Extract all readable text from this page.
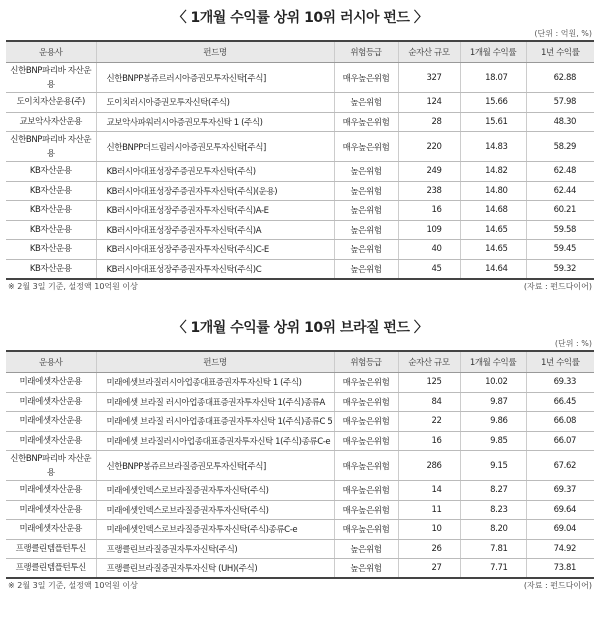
〈 1개월 수익률 상위 10위 러시아 펀드 〉
(단위 : 억원, %)
운용사	펀드명	위험등급	순자산 규모	1개월 수익률	1년 수익률
신한BNP파리바 자산운용	신한BNPP봉쥬르러시아증권모투자신탁[주식]	매우높은위험	327	18.07	62.88
도이치자산운용(주)	도이치러시아증권모투자신탁(주식)	높은위험	124	15.66	57.98
교보악사자산운용	교보악사파워러시아증권모투자신탁 1 (주식)	매우높은위험	28	15.61	48.30
신한BNP파리바 자산운용	신한BNPP더드림러시아증권모투자신탁[주식]	매우높은위험	220	14.83	58.29
KB자산운용	KB러시아대표성장주증권모투자신탁(주식)	높은위험	249	14.82	62.48
KB자산운용	KB러시아대표성장주증권자투자신탁(주식)(운용)	높은위험	238	14.80	62.44
KB자산운용	KB러시아대표성장주증권자투자신탁(주식)A-E	높은위험	16	14.68	60.21
KB자산운용	KB러시아대표성장주증권자투자신탁(주식)A	높은위험	109	14.65	59.58
KB자산운용	KB러시아대표성장주증권자투자신탁(주식)C-E	높은위험	40	14.65	59.45
KB자산운용	KB러시아대표성장주증권자투자신탁(주식)C	높은위험	45	14.64	59.32
※ 2월 3일 기준, 설정액 10억원 이상	(자료 : 펀드다이어)
〈 1개월 수익률 상위 10위 브라질 펀드 〉
(단위 : %)
운용사	펀드명	위험등급	순자산 규모	1개월 수익률	1년 수익률
미래에셋자산운용	미래에셋브라질러시아업종대표증권자투자신탁 1 (주식)	매우높은위험	125	10.02	69.33
미래에셋자산운용	미래에셋 브라질 러시아업종대표증권자투자신탁 1(주식)종류A	매우높은위험	84	9.87	66.45
미래에셋자산운용	미래에셋 브라질 러시아업종대표증권자투자신탁 1(주식)종류C 5	매우높은위험	22	9.86	66.08
미래에셋자산운용	미래에셋 브라질러시아업종대표증권자투자신탁 1(주식)종류C-e	매우높은위험	16	9.85	66.07
신한BNP파리바 자산운용	신한BNPP봉쥬르브라질증권모투자신탁[주식]	매우높은위험	286	9.15	67.62
미래에셋자산운용	미래에셋인덱스로브라질증권자투자신탁(주식)	매우높은위험	14	8.27	69.37
미래에셋자산운용	미래에셋인덱스로브라질증권자투자신탁(주식)	매우높은위험	11	8.23	69.64
미래에셋자산운용	미래에셋인덱스로브라질증권자투자신탁(주식)종류C-e	매우높은위험	10	8.20	69.04
프랭클린템플턴투신	프랭클린브라질증권자투자신탁(주식)	높은위험	26	7.81	74.92
프랭클린템플턴투신	프랭클린브라질증권자투자신탁 (UH)(주식)	높은위험	27	7.71	73.81
※ 2월 3일 기준, 설정액 10억원 이상	(자료 : 펀드다이어)
